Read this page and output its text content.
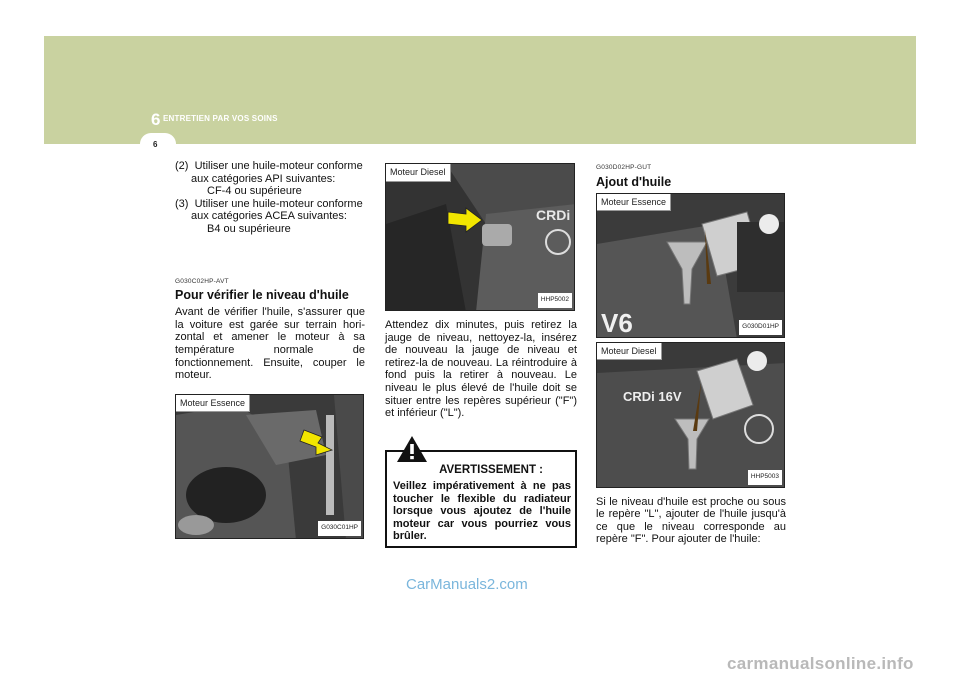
6 ENTRETIEN PAR VOS SOINS
6
(2) Utiliser une huile-moteur conforme aux catégories API suivantes:
CF-4 ou supérieure
(3) Utiliser une huile-moteur conforme aux catégories ACEA suivantes:
B4 ou supérieure
G030C02HP-AVT
Pour vérifier le niveau d'huile
Avant de vérifier l'huile, s'assurer que la voiture est garée sur terrain hori- zontal et amener le moteur à sa température normale de fonctionnement. Ensuite, couper le moteur.
Moteur Essence
G030C01HP
CRDi
Moteur Diesel
HHP5002
Attendez dix minutes, puis retirez la jauge de niveau, nettoyez-la, insérez de nouveau la jauge de niveau et retirez-la de nouveau. La réintroduire à fond puis la retirer à nouveau. Le niveau le plus élevé de l'huile doit se situer entre les repères supérieur ("F") et inférieur ("L").
AVERTISSEMENT :
Veillez impérativement à ne pas toucher le flexible du radiateur lorsque vous ajoutez de l'huile moteur car vous pourriez vous brûler.
G030D02HP-GUT
Ajout d'huile
V6
Moteur Essence
G030D01HP
CRDi 16V
Moteur Diesel
HHP5003
Si le niveau d'huile est proche ou sous le repère "L", ajouter de l'huile jusqu'à ce que le niveau corresponde au repère "F". Pour ajouter de l'huile:
CarManuals2.com
carmanualsonline.info
